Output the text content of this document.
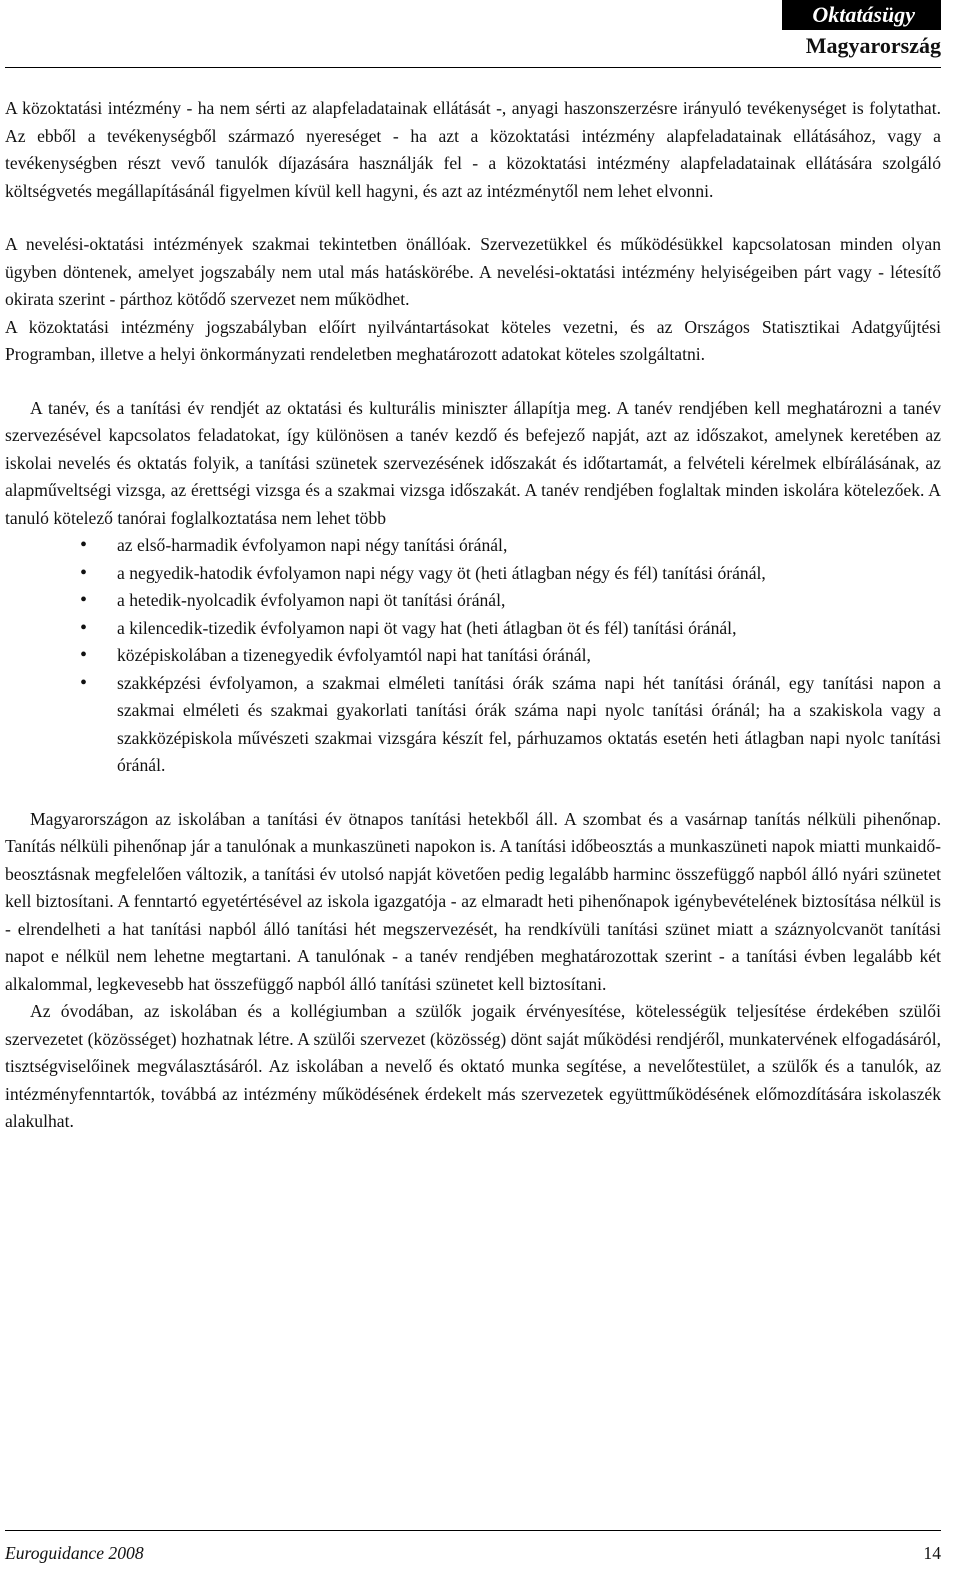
Oktatásügy
Magyarország

A közoktatási intézmény - ha nem sérti az alapfeladatainak ellátását -, anyagi haszonszerzésre irányuló tevékenységet is folytathat. Az ebből a tevékenységből származó nyereséget - ha azt a közoktatási intézmény alapfeladatainak ellátásához, vagy a tevékenységben részt vevő tanulók díjazására használják fel - a közoktatási intézmény alapfeladatainak ellátására szolgáló költségvetés megállapításánál figyelmen kívül kell hagyni, és azt az intézménytől nem lehet elvonni.

A nevelési-oktatási intézmények szakmai tekintetben önállóak. Szervezetükkel és működésükkel kapcsolatosan minden olyan ügyben döntenek, amelyet jogszabály nem utal más hatáskörébe. A nevelési-oktatási intézmény helyiségeiben párt vagy - létesítő okirata szerint - párthoz kötődő szervezet nem működhet.

A közoktatási intézmény jogszabályban előírt nyilvántartásokat köteles vezetni, és az Országos Statisztikai Adatgyűjtési Programban, illetve a helyi önkormányzati rendeletben meghatározott adatokat köteles szolgáltatni.

A tanév, és a tanítási év rendjét az oktatási és kulturális miniszter állapítja meg. A tanév rendjében kell meghatározni a tanév szervezésével kapcsolatos feladatokat, így különösen a tanév kezdő és befejező napját, azt az időszakot, amelynek keretében az iskolai nevelés és oktatás folyik, a tanítási szünetek szervezésének időszakát és időtartamát, a felvételi kérelmek elbírálásának, az alapműveltségi vizsga, az érettségi vizsga és a szakmai vizsga időszakát. A tanév rendjében foglaltak minden iskolára kötelezőek. A tanuló kötelező tanórai foglalkoztatása nem lehet több

• az első-harmadik évfolyamon napi négy tanítási óránál,
• a negyedik-hatodik évfolyamon napi négy vagy öt (heti átlagban négy és fél) tanítási óránál,
• a hetedik-nyolcadik évfolyamon napi öt tanítási óránál,
• a kilencedik-tizedik évfolyamon napi öt vagy hat (heti átlagban öt és fél) tanítási óránál,
• középiskolában a tizenegyedik évfolyamtól napi hat tanítási óránál,
• szakképzési évfolyamon, a szakmai elméleti tanítási órák száma napi hét tanítási óránál, egy tanítási napon a szakmai elméleti és szakmai gyakorlati tanítási órák száma napi nyolc tanítási óránál; ha a szakiskola vagy a szakközépiskola művészeti szakmai vizsgára készít fel, párhuzamos oktatás esetén heti átlagban napi nyolc tanítási óránál.

Magyarországon az iskolában a tanítási év ötnapos tanítási hetekből áll. A szombat és a vasárnap tanítás nélküli pihenőnap. Tanítás nélküli pihenőnap jár a tanulónak a munkaszüneti napokon is. A tanítási időbeosztás a munkaszüneti napok miatti munkaidő-beosztásnak megfelelően változik, a tanítási év utolsó napját követően pedig legalább harminc összefüggő napból álló nyári szünetet kell biztosítani. A fenntartó egyetértésével az iskola igazgatója - az elmaradt heti pihenőnapok igénybevételének biztosítása nélkül is - elrendelheti a hat tanítási napból álló tanítási hét megszervezését, ha rendkívüli tanítási szünet miatt a száznyolcvanöt tanítási napot e nélkül nem lehetne megtartani. A tanulónak - a tanév rendjében meghatározottak szerint - a tanítási évben legalább két alkalommal, legkevesebb hat összefüggő napból álló tanítási szünetet kell biztosítani.

Az óvodában, az iskolában és a kollégiumban a szülők jogaik érvényesítése, kötelességük teljesítése érdekében szülői szervezetet (közösséget) hozhatnak létre. A szülői szervezet (közösség) dönt saját működési rendjéről, munkatervének elfogadásáról, tisztségviselőinek megválasztásáról. Az iskolában a nevelő és oktató munka segítése, a nevelőtestület, a szülők és a tanulók, az intézményfenntartók, továbbá az intézmény működésének érdekelt más szervezetek együttműködésének előmozdítására iskolaszék alakulhat.

Euroguidance 2008	14
